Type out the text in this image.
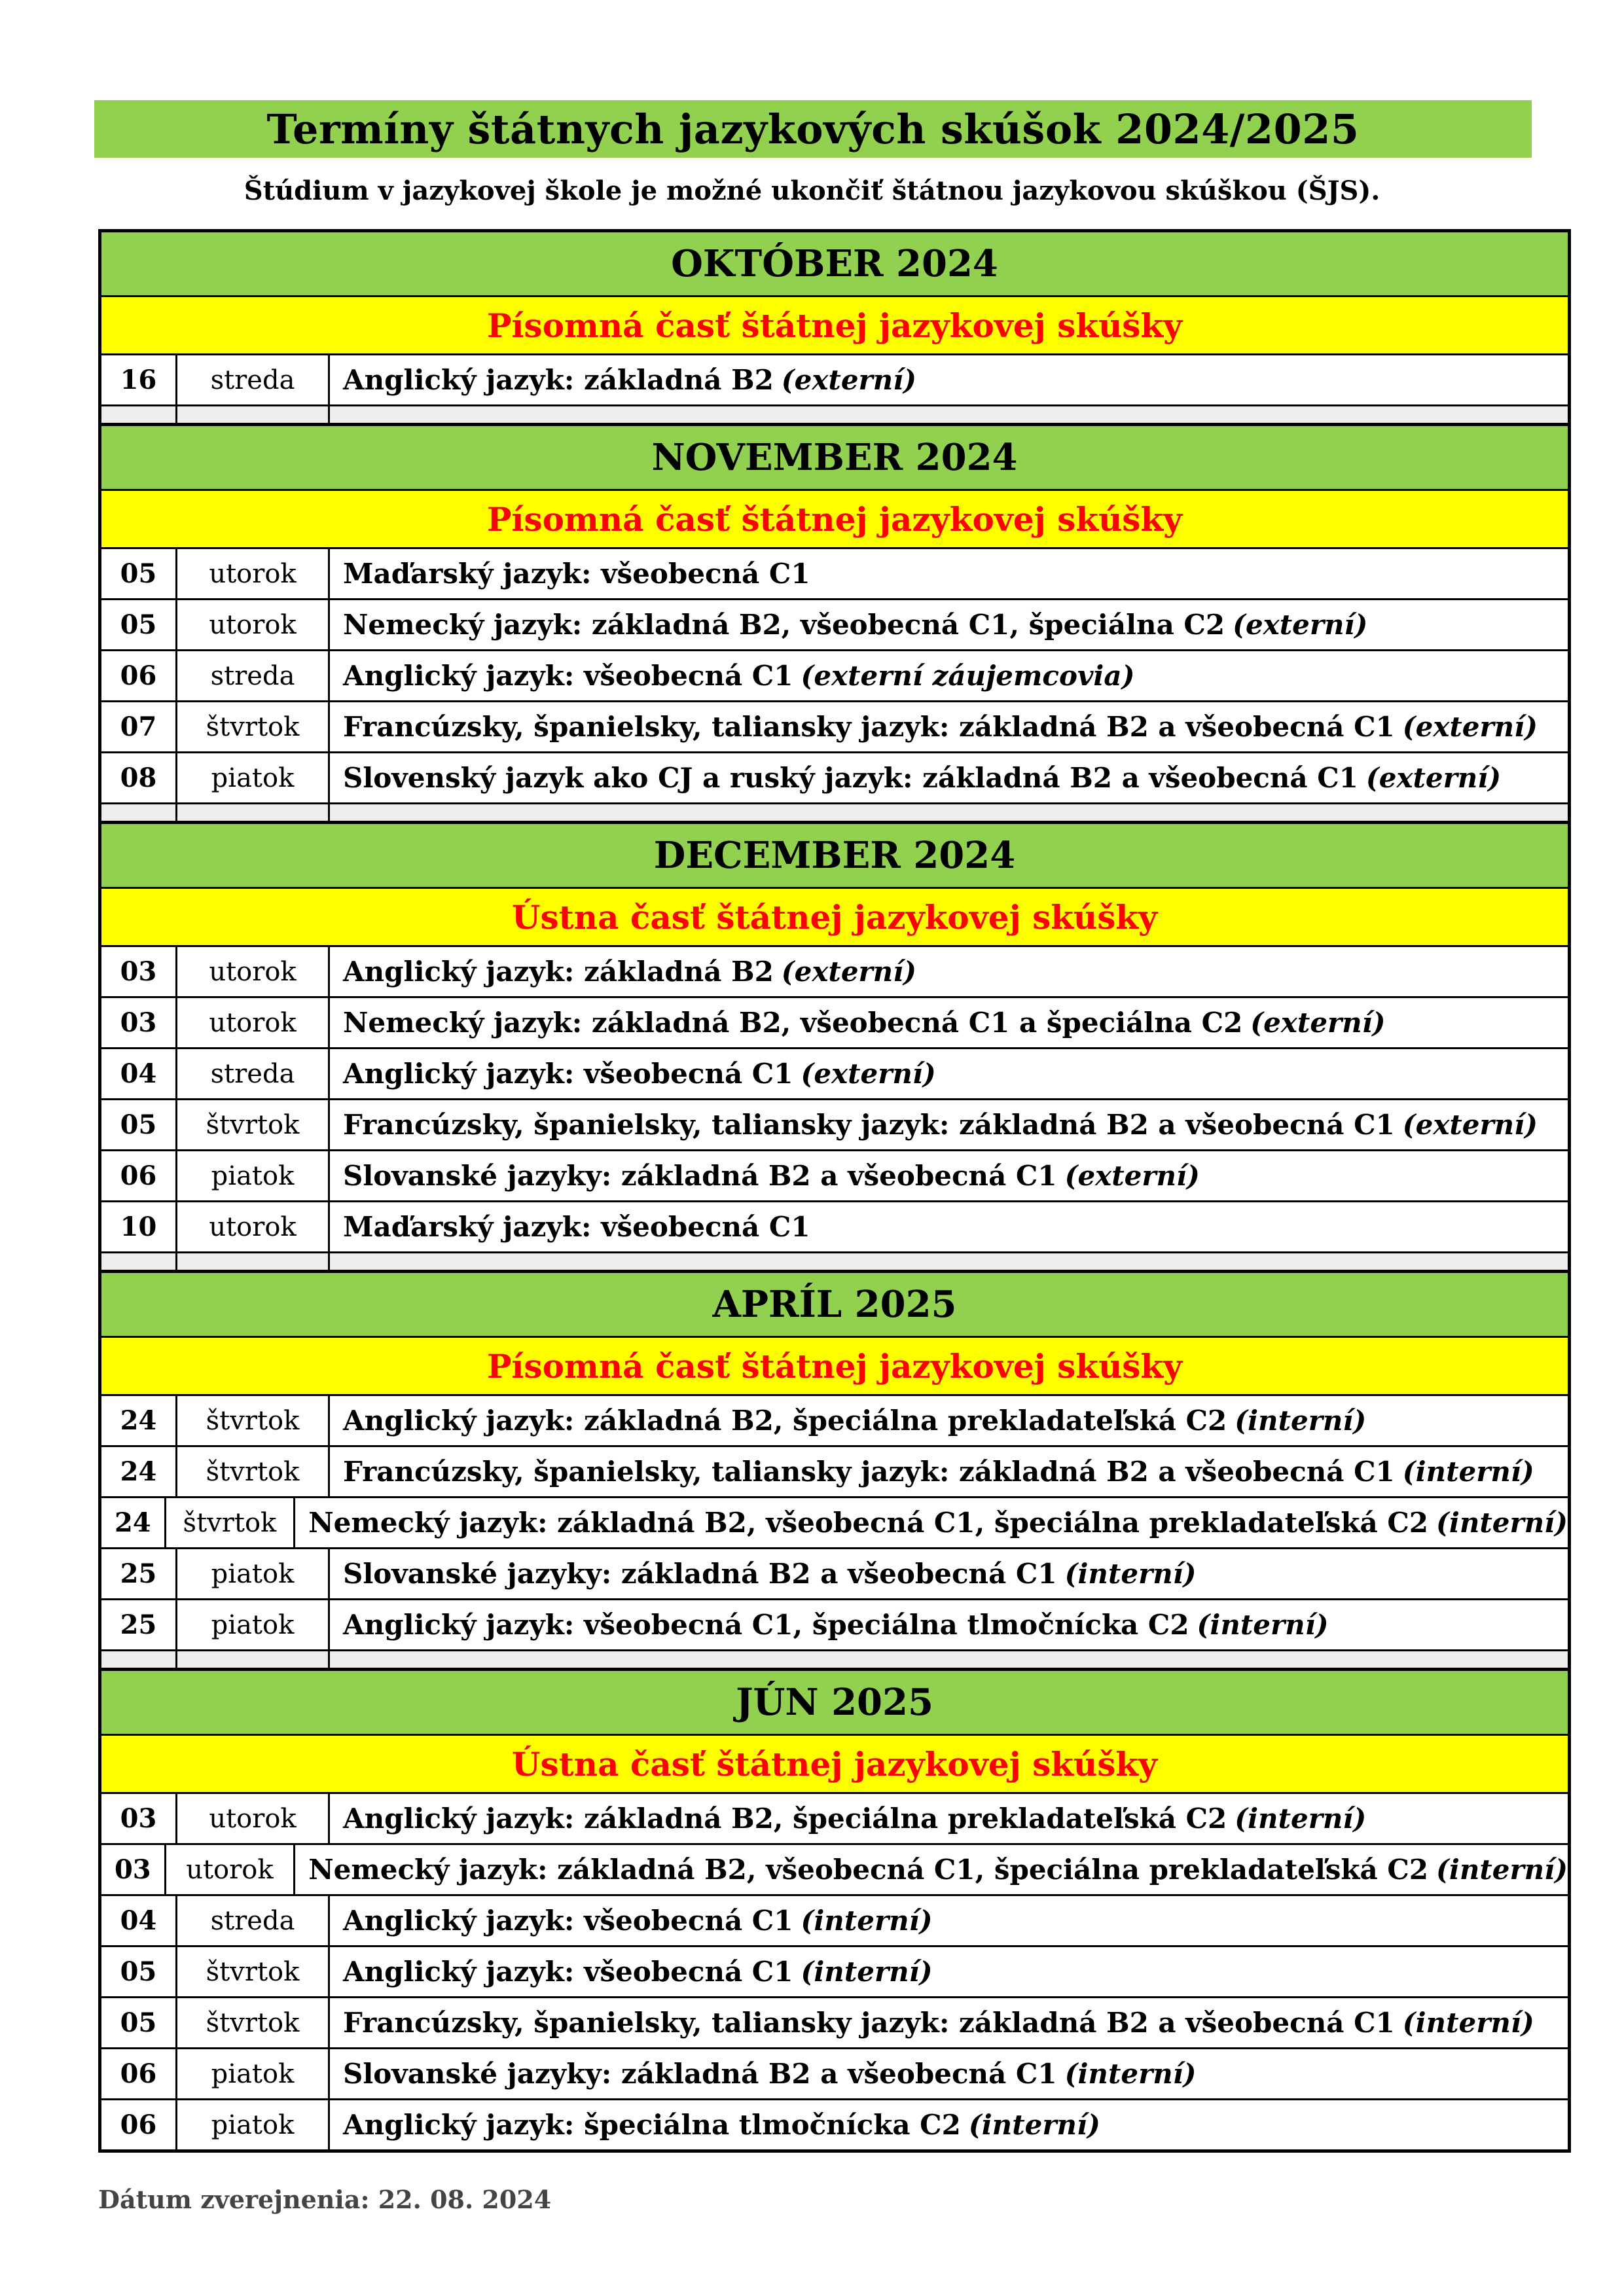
Termíny štátnych jazykových skúšok 2024/2025
Štúdium v jazykovej škole je možné ukončiť štátnou jazykovou skúškou (ŠJS).
OKTÓBER 2024
Písomná časť štátnej jazykovej skúšky
16	streda	Anglický jazyk: základná B2 (externí)
NOVEMBER 2024
Písomná časť štátnej jazykovej skúšky
05	utorok	Maďarský jazyk: všeobecná C1
05	utorok	Nemecký jazyk: základná B2, všeobecná C1, špeciálna C2 (externí)
06	streda	Anglický jazyk: všeobecná C1 (externí záujemcovia)
07	štvrtok	Francúzsky, španielsky, taliansky jazyk: základná B2 a všeobecná C1 (externí)
08	piatok	Slovenský jazyk ako CJ a ruský jazyk: základná B2 a všeobecná C1 (externí)
DECEMBER 2024
Ústna časť štátnej jazykovej skúšky
03	utorok	Anglický jazyk: základná B2 (externí)
03	utorok	Nemecký jazyk: základná B2, všeobecná C1 a špeciálna C2 (externí)
04	streda	Anglický jazyk: všeobecná C1 (externí)
05	štvrtok	Francúzsky, španielsky, taliansky jazyk: základná B2 a všeobecná C1 (externí)
06	piatok	Slovanské jazyky: základná B2 a všeobecná C1 (externí)
10	utorok	Maďarský jazyk: všeobecná C1
APRÍL 2025
Písomná časť štátnej jazykovej skúšky
24	štvrtok	Anglický jazyk: základná B2, špeciálna prekladateľská C2 (interní)
24	štvrtok	Francúzsky, španielsky, taliansky jazyk: základná B2 a všeobecná C1 (interní)
24	štvrtok	Nemecký jazyk: základná B2, všeobecná C1, špeciálna prekladateľská C2 (interní)
25	piatok	Slovanské jazyky: základná B2 a všeobecná C1 (interní)
25	piatok	Anglický jazyk: všeobecná C1, špeciálna tlmočnícka C2 (interní)
JÚN 2025
Ústna časť štátnej jazykovej skúšky
03	utorok	Anglický jazyk: základná B2, špeciálna prekladateľská C2 (interní)
03	utorok	Nemecký jazyk: základná B2, všeobecná C1, špeciálna prekladateľská C2 (interní)
04	streda	Anglický jazyk: všeobecná C1 (interní)
05	štvrtok	Anglický jazyk: všeobecná C1 (interní)
05	štvrtok	Francúzsky, španielsky, taliansky jazyk: základná B2 a všeobecná C1 (interní)
06	piatok	Slovanské jazyky: základná B2 a všeobecná C1 (interní)
06	piatok	Anglický jazyk: špeciálna tlmočnícka C2 (interní)
Dátum zverejnenia: 22. 08. 2024
